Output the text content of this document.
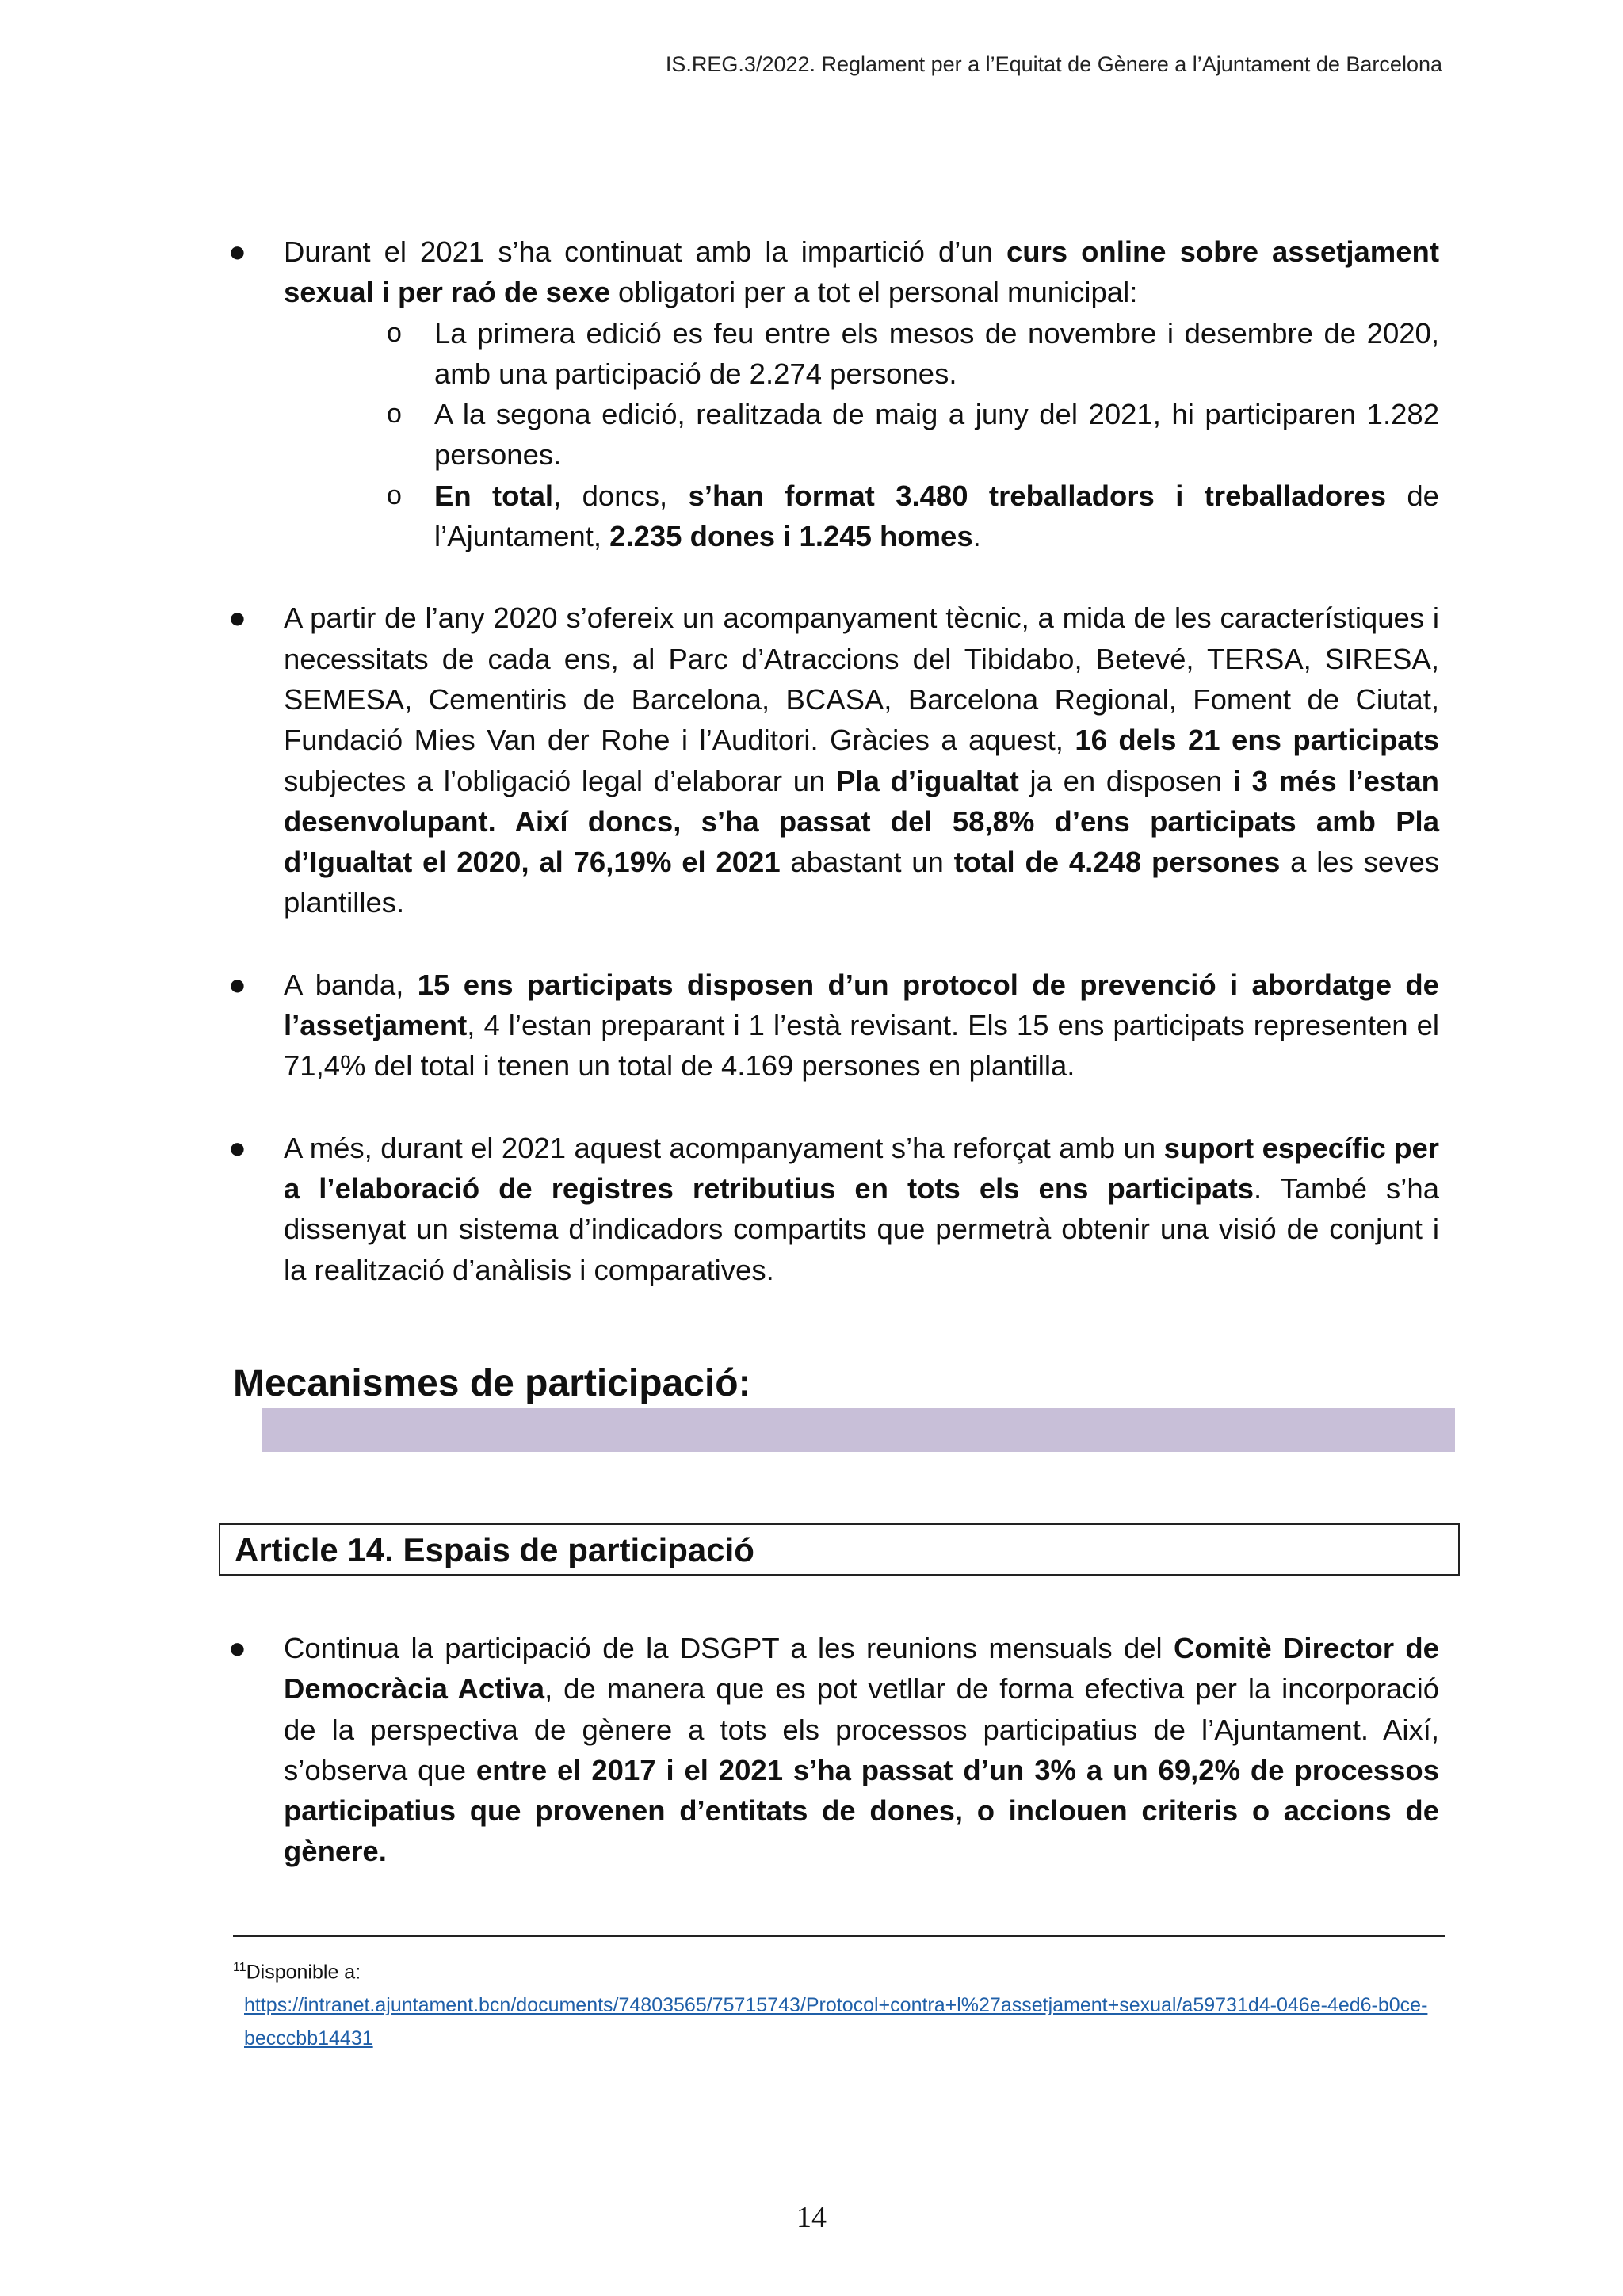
IS.REG.3/2022. Reglament per a l’Equitat de Gènere a l’Ajuntament de Barcelona
● Durant el 2021 s’ha continuat amb la impartició d’un curs online sobre assetjament sexual i per raó de sexe obligatori per a tot el personal municipal:

o La primera edició es feu entre els mesos de novembre i desembre de 2020, amb una participació de 2.274 persones.

o A la segona edició, realitzada de maig a juny del 2021, hi participaren 1.282 persones.

o En total, doncs, s’han format 3.480 treballadors i treballadores de l’Ajuntament, 2.235 dones i 1.245 homes.

● A partir de l’any 2020 s’ofereix un acompanyament tècnic, a mida de les característiques i necessitats de cada ens, al Parc d’Atraccions del Tibidabo, Betevé, TERSA, SIRESA, SEMESA, Cementiris de Barcelona, BCASA, Barcelona Regional, Foment de Ciutat, Fundació Mies Van der Rohe i l’Auditori. Gràcies a aquest, 16 dels 21 ens participats subjectes a l’obligació legal d’elaborar un Pla d’igualtat ja en disposen i 3 més l’estan desenvolupant. Així doncs, s’ha passat del 58,8% d’ens participats amb Pla d’Igualtat el 2020, al 76,19% el 2021 abastant un total de 4.248 persones a les seves plantilles.

● A banda, 15 ens participats disposen d’un protocol de prevenció i abordatge de l’assetjament, 4 l’estan preparant i 1 l’està revisant. Els 15 ens participats representen el 71,4% del total i tenen un total de 4.169 persones en plantilla.

● A més, durant el 2021 aquest acompanyament s’ha reforçat amb un suport específic per a l’elaboració de registres retributius en tots els ens participats. També s’ha dissenyat un sistema d’indicadors compartits que permetrà obtenir una visió de conjunt i la realització d’anàlisis i comparatives.

Mecanismes de participació:
Article 14. Espais de participació
● Continua la participació de la DSGPT a les reunions mensuals del Comitè Director de Democràcia Activa, de manera que es pot vetllar de forma efectiva per la incorporació de la perspectiva de gènere a tots els processos participatius de l’Ajuntament. Així, s’observa que entre el 2017 i el 2021 s’ha passat d’un 3% a un 69,2% de processos participatius que provenen d’entitats de dones, o inclouen criteris o accions de gènere.

$^{11}$Disponible a:
https://intranet.ajuntament.bcn/documents/74803565/75715743/Protocol+contra+l%27assetjament+sexual/a59731d4-046e-4ed6-b0ce-becccbb14431
14
